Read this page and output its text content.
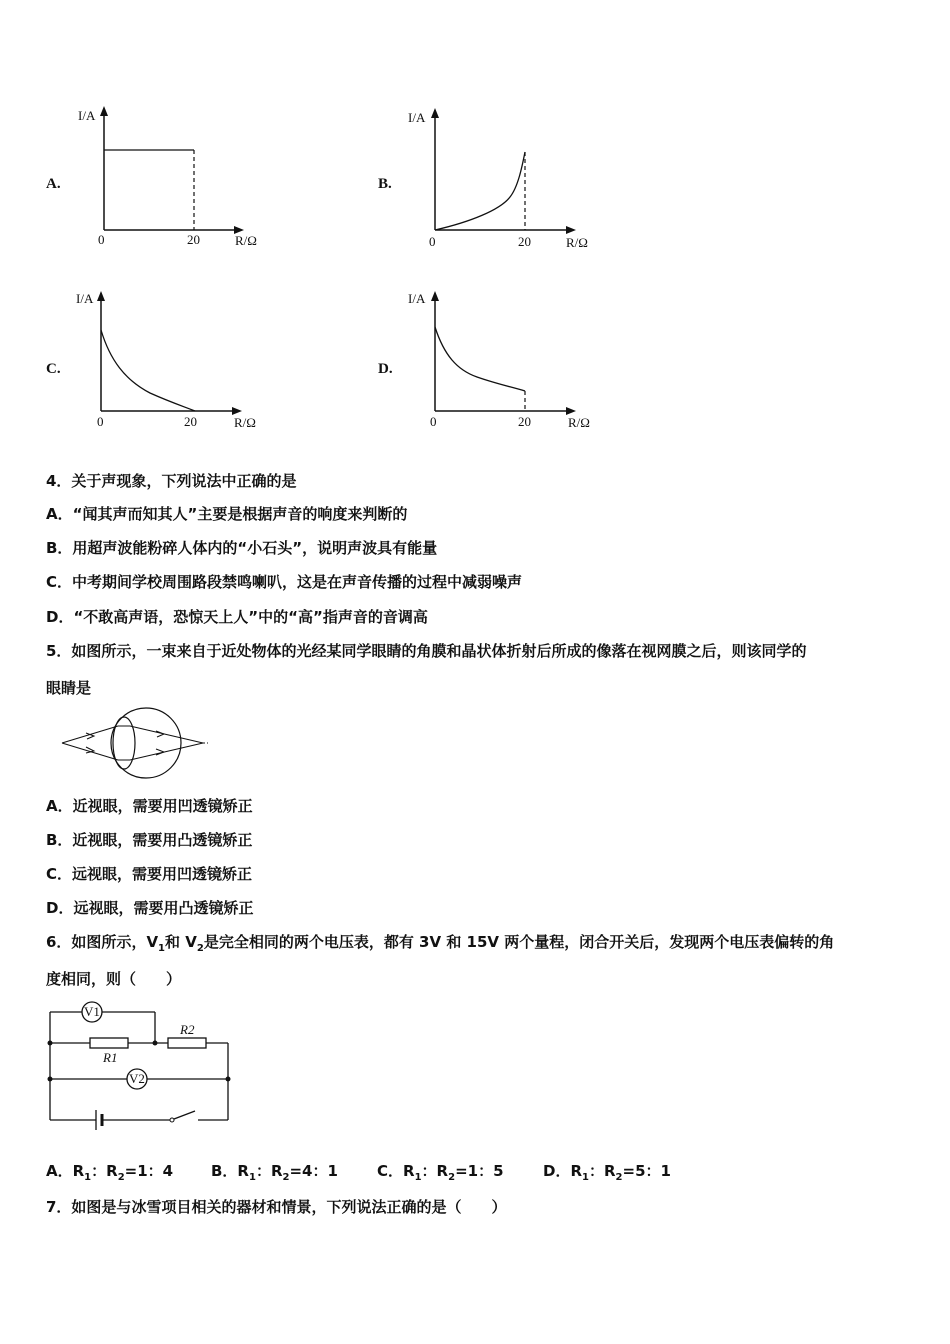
A.
I/A
0	20	R/Ω
B.
I/A
0	20	R/Ω
C.
I/A
0	20	R/Ω
D.
I/A
0	20	R/Ω
4．关于声现象，下列说法中正确的是
A．“闻其声而知其人”主要是根据声音的响度来判断的
B．用超声波能粉碎人体内的“小石头”，说明声波具有能量
C．中考期间学校周围路段禁鸣喇叭，这是在声音传播的过程中减弱噪声
D．“不敢高声语，恐惊天上人”中的“高”指声音的音调高
5．如图所示，一束来自于近处物体的光经某同学眼睛的角膜和晶状体折射后所成的像落在视网膜之后，则该同学的
眼睛是
A．近视眼，需要用凹透镜矫正
B．近视眼，需要用凸透镜矫正
C．远视眼，需要用凹透镜矫正
D．远视眼，需要用凸透镜矫正
6．如图所示，$V_1$和 $V_2$是完全相同的两个电压表，都有 3V 和 15V 两个量程，闭合开关后，发现两个电压表偏转的角
度相同，则（　　）
V1
R1
R2
V2
A．$R_1$：$R_2=1$：4	B．$R_1$：$R_2=4$：1	C．$R_1$：$R_2=1$：5	D．$R_1$：$R_2=5$：1
7．如图是与冰雪项目相关的器材和情景，下列说法正确的是（　　）
